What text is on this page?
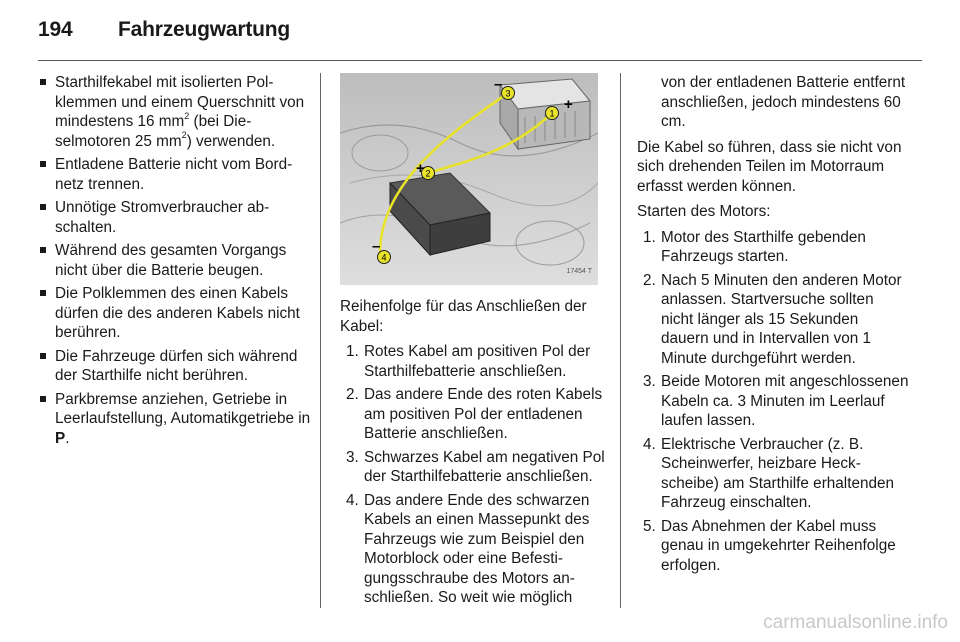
194 Fahrzeugwartung
Starthilfekabel mit isolierten Polklemmen und einem Querschnitt von mindestens 16 $mm^2$ (bei Dieselmotoren 25 $mm^2$) verwenden.
Entladene Batterie nicht vom Bordnetz trennen.
Unnötige Stromverbraucher abschalten.
Während des gesamten Vorgangs nicht über die Batterie beugen.
Die Polklemmen des einen Kabels dürfen die des anderen Kabels nicht berühren.
Die Fahrzeuge dürfen sich während der Starthilfe nicht berühren.
Parkbremse anziehen, Getriebe in Leerlaufstellung, Automatikgetriebe in P.
1
2
3
4
+
+
–
–
17454 T

Reihenfolge für das Anschließen der Kabel:

1. Rotes Kabel am positiven Pol der Starthilfebatterie anschließen.
2. Das andere Ende des roten Kabels am positiven Pol der entladenen Batterie anschließen.
3. Schwarzes Kabel am negativen Pol der Starthilfebatterie anschließen.
4. Das andere Ende des schwarzen Kabels an einen Massepunkt des Fahrzeugs wie zum Beispiel den Motorblock oder eine Befestigungsschraube des Motors anschließen. So weit wie möglich
von der entladenen Batterie entfernt anschließen, jedoch mindestens 60 cm.

Die Kabel so führen, dass sie nicht von sich drehenden Teilen im Motorraum erfasst werden können.

Starten des Motors:

1. Motor des Starthilfe gebenden Fahrzeugs starten.
2. Nach 5 Minuten den anderen Motor anlassen. Startversuche sollten nicht länger als 15 Sekunden dauern und in Intervallen von 1 Minute durchgeführt werden.
3. Beide Motoren mit angeschlossenen Kabeln ca. 3 Minuten im Leerlauf laufen lassen.
4. Elektrische Verbraucher (z. B. Scheinwerfer, heizbare Heckscheibe) am Starthilfe erhaltenden Fahrzeug einschalten.
5. Das Abnehmen der Kabel muss genau in umgekehrter Reihenfolge erfolgen.
carmanualsonline.info
